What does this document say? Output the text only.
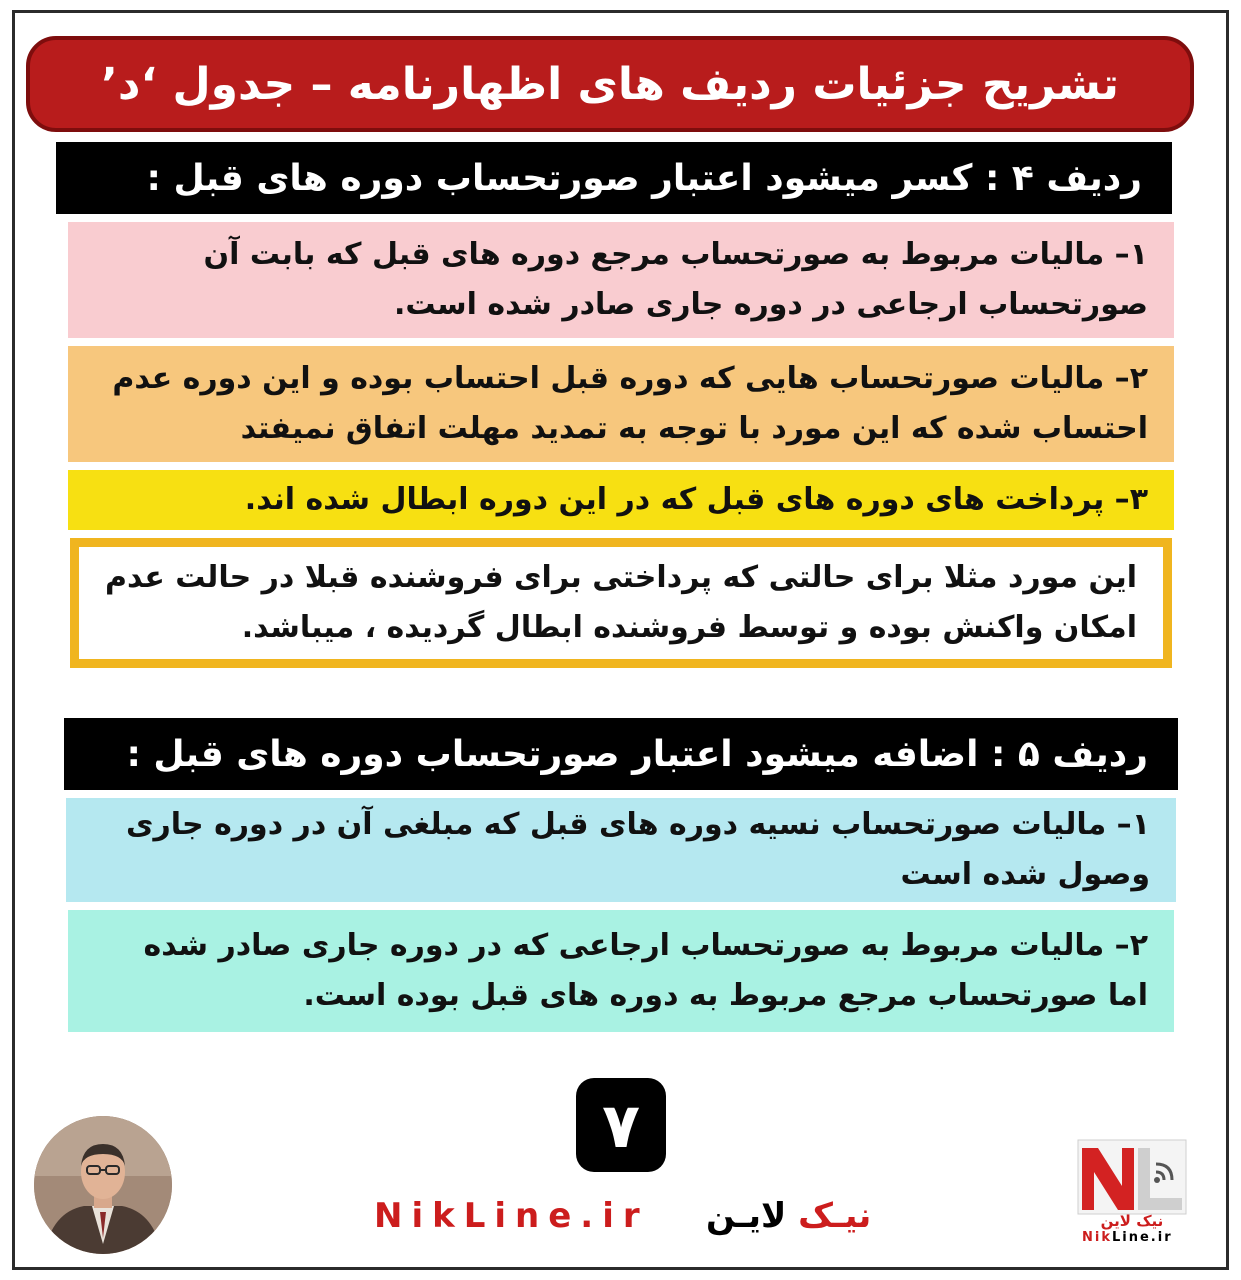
تشریح جزئیات ردیف های اظهارنامه – جدول ‘د’
ردیف ۴ : کسر میشود اعتبار صورتحساب دوره های قبل :
۱– مالیات مربوط به صورتحساب مرجع دوره های قبل که بابت آن صورتحساب ارجاعی در دوره جاری صادر شده است.
۲– مالیات صورتحساب هایی که دوره قبل احتساب بوده و این دوره عدم احتساب شده که این مورد با توجه به تمدید مهلت اتفاق نمیفتد
۳– پرداخت های دوره های قبل که در این دوره ابطال شده اند.
این مورد مثلا برای حالتی که پرداختی برای فروشنده قبلا در حالت عدم امکان واکنش بوده و توسط فروشنده ابطال گردیده ، میباشد.
ردیف ۵ : اضافه میشود اعتبار صورتحساب دوره های قبل :
۱– مالیات صورتحساب نسیه دوره های قبل که مبلغی آن در دوره جاری وصول شده است
۲– مالیات مربوط به صورتحساب ارجاعی که در دوره جاری صادر شده اما صورتحساب مرجع مربوط به دوره های قبل بوده است.
۷
NikLine.ir	نیـک لایـن	نیک لاین
NikLine.ir
